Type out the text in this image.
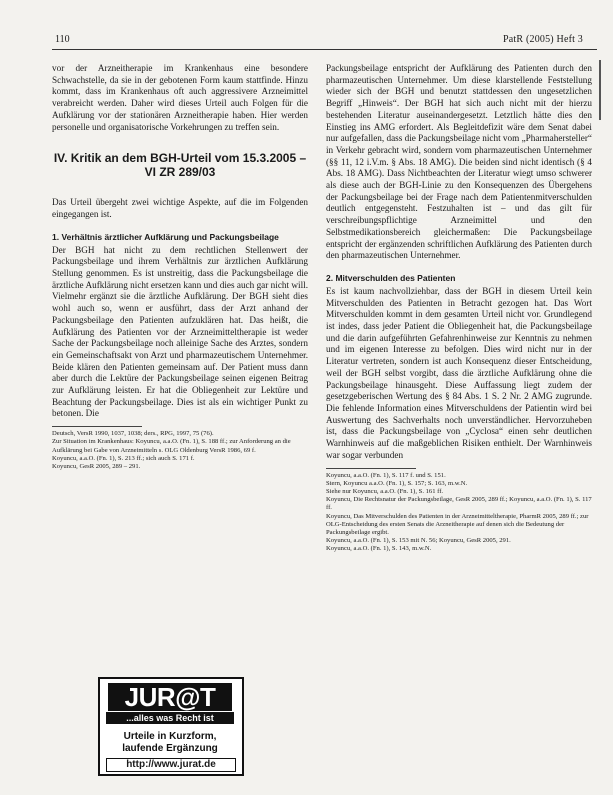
110	PatR (2005) Heft 3

vor der Arzneitherapie im Krankenhaus eine besondere Schwachstelle, da sie in der gebotenen Form kaum stattfinde. Hinzu kommt, dass im Krankenhaus oft auch aggressivere Arzneimittel verabreicht werden. Daher wird dieses Urteil auch Folgen für die Aufklärung vor der stationären Arzneitherapie haben. Hier werden personelle und organisatorische Vorkehrungen zu treffen sein.

IV. Kritik an dem BGH-Urteil vom 15.3.2005 – VI ZR 289/03

Das Urteil übergeht zwei wichtige Aspekte, auf die im Folgenden eingegangen ist.

1. Verhältnis ärztlicher Aufklärung und Packungsbeilage

Der BGH hat nicht zu dem rechtlichen Stellenwert der Packungsbeilage und ihrem Verhältnis zur ärztlichen Aufklärung Stellung genommen. Es ist unstreitig, dass die Packungsbeilage die ärztliche Aufklärung nicht ersetzen kann und dies auch gar nicht will. Vielmehr ergänzt sie die ärztliche Aufklärung. Der BGH sieht dies wohl auch so, wenn er ausführt, dass der Arzt anhand der Packungsbeilage den Patienten aufzuklären hat. Das heißt, die Aufklärung des Patienten vor der Arzneimitteltherapie ist weder Sache der Packungsbeilage noch alleinige Sache des Arztes, sondern ein Gemeinschaftsakt von Arzt und pharmazeutischem Unternehmer. Beide klären den Patienten gemeinsam auf. Der Patient muss dann aber durch die Lektüre der Packungsbeilage seinen eigenen Beitrag zur Aufklärung leisten. Er hat die Obliegenheit zur Lektüre und Beachtung der Packungsbeilage. Dies ist als ein wichtiger Punkt zu betonen. Die

Deutsch, VersR 1990, 1037, 1038; ders., RPG, 1997, 75 (76).
Zur Situation im Krankenhaus: Koyuncu, a.a.O. (Fn. 1), S. 188 ff.; zur Anforderung an die Aufklärung bei Gabe von Arzneimitteln s. OLG Oldenburg VersR 1986, 69 f.
Koyuncu, a.a.O. (Fn. 1), S. 213 ff.; sich auch S. 171 f.
Koyuncu, GesR 2005, 289 – 291.
JUR@T
...alles was Recht ist
Urteile in Kurzform,
laufende Ergänzung
http://www.jurat.de

Packungsbeilage entspricht der Aufklärung des Patienten durch den pharmazeutischen Unternehmer. Um diese klarstellende Feststellung wieder sich der BGH und benutzt stattdessen den ungesetzlichen Begriff „Hinweis“. Der BGH hat sich auch nicht mit der hierzu bestehenden Literatur auseinandergesetzt. Letztlich hätte dies den Einstieg ins AMG erfordert. Als Begleitdefizit wäre dem Senat dabei nur aufgefallen, dass die Packungsbeilage nicht vom „Pharmahersteller“ in Verkehr gebracht wird, sondern vom pharmazeutischen Unternehmer (§§ 11, 12 i.V.m. § Abs. 18 AMG). Die beiden sind nicht identisch (§ 4 Abs. 18 AMG). Dass Nichtbeachten der Literatur wiegt umso schwerer als diese auch der BGH-Linie zu den Konsequenzen des Übergehens der Packungsbeilage bei der Frage nach dem Patientenmitverschulden deutlich entgegensteht. Festzuhalten ist – und das gilt für verschreibungspflichtige Arzneimittel und den Selbstmedikationsbereich gleichermaßen: Die Packungsbeilage entspricht der ergänzenden schriftlichen Aufklärung des Patienten durch den pharmazeutischen Unternehmer.

2. Mitverschulden des Patienten

Es ist kaum nachvollziehbar, dass der BGH in diesem Urteil kein Mitverschulden des Patienten in Betracht gezogen hat. Das Wort Mitverschulden kommt in dem gesamten Urteil nicht vor. Grundlegend ist indes, dass jeder Patient die Obliegenheit hat, die Packungsbeilage und die darin aufgeführten Gefahrenhinweise zur Kenntnis zu nehmen und im eigenen Interesse zu befolgen. Dies wird nicht nur in der Literatur vertreten, sondern ist auch Konsequenz dieser Entscheidung, weil der BGH selbst vorgibt, dass die ärztliche Aufklärung ohne die Packungsbeilage hinausgeht. Diese Auffassung liegt zudem der gesetzgeberischen Wertung des § 84 Abs. 1 S. 2 Nr. 2 AMG zugrunde. Die fehlende Information eines Mitverschuldens der Patientin wird bei Auswertung des Sachverhalts noch unverständlicher. Hervorzuheben ist, dass die Packungsbeilage von „Cyclosa“ einen sehr deutlichen Warnhinweis auf die maßgeblichen Risiken enthielt. Der Warnhinweis war sogar verbunden

Koyuncu, a.a.O. (Fn. 1), S. 117 f. und S. 151.
Stern, Koyuncu a.a.O. (Fn. 1), S. 157; S. 163, m.w.N.
Siehe nur Koyuncu, a.a.O. (Fn. 1), S. 161 ff.
Koyuncu, Die Rechtsnatur der Packungsbeilage, GesR 2005, 289 ff.; Koyuncu, a.a.O. (Fn. 1), S. 117 ff.
Koyuncu, Das Mitverschulden des Patienten in der Arzneimitteltherapie, PharmR 2005, 289 ff.; zur OLG-Entscheidung des ersten Senats die Arzneitherapie auf denen sich die Bedeutung der Packungsbeilage ergibt.
Koyuncu, a.a.O. (Fn. 1), S. 153 mit N. 56; Koyuncu, GesR 2005, 291.
Koyuncu, a.a.O. (Fn. 1), S. 143, m.w.N.
